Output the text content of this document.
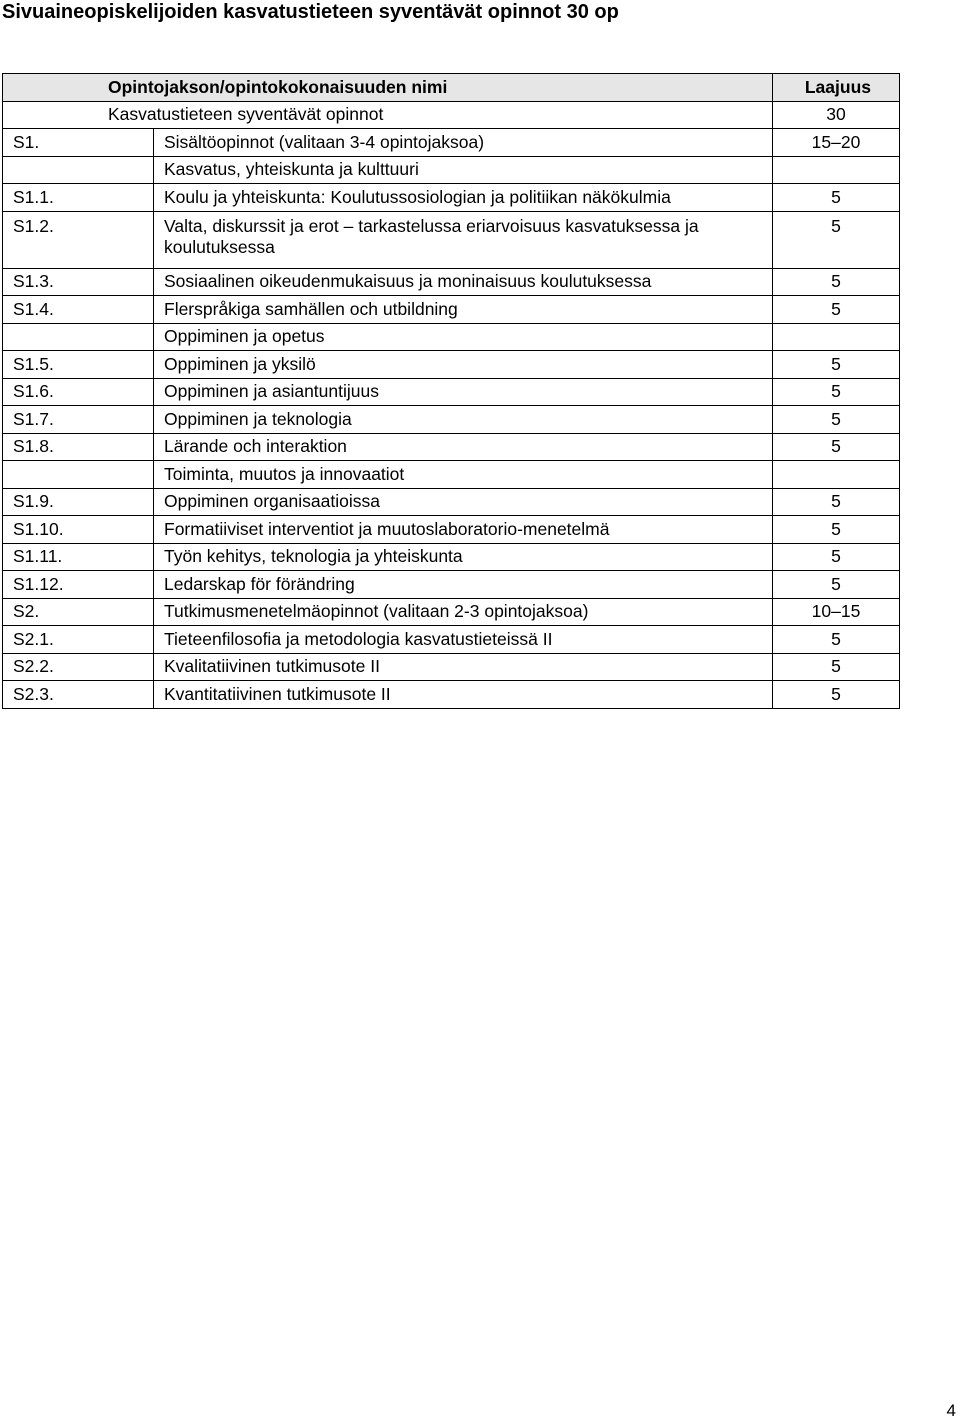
Sivuaineopiskelijoiden kasvatustieteen syventävät opinnot 30 op
Opintojakson/opintokokonaisuuden nimi		Laajuus
Kasvatustieteen syventävät opinnot		30
S1.	Sisältöopinnot (valitaan 3-4 opintojaksoa)	15–20
	Kasvatus, yhteiskunta ja kulttuuri	
S1.1.	Koulu ja yhteiskunta: Koulutussosiologian ja politiikan näkökulmia	5
S1.2.	Valta, diskurssit ja erot – tarkastelussa eriarvoisuus kasvatuksessa ja koulutuksessa	5
S1.3.	Sosiaalinen oikeudenmukaisuus ja moninaisuus koulutuksessa	5
S1.4.	Flerspråkiga samhällen och utbildning	5
	Oppiminen ja opetus	
S1.5.	Oppiminen ja yksilö	5
S1.6.	Oppiminen ja asiantuntijuus	5
S1.7.	Oppiminen ja teknologia	5
S1.8.	Lärande och interaktion	5
	Toiminta, muutos ja innovaatiot	
S1.9.	Oppiminen organisaatioissa	5
S1.10.	Formatiiviset interventiot ja muutoslaboratorio-menetelmä	5
S1.11.	Työn kehitys, teknologia ja yhteiskunta	5
S1.12.	Ledarskap för förändring	5
S2.	Tutkimusmenetelmäopinnot (valitaan 2-3 opintojaksoa)	10–15
S2.1.	Tieteenfilosofia ja metodologia kasvatustieteissä II	5
S2.2.	Kvalitatiivinen tutkimusote II	5
S2.3.	Kvantitatiivinen tutkimusote II	5
4
